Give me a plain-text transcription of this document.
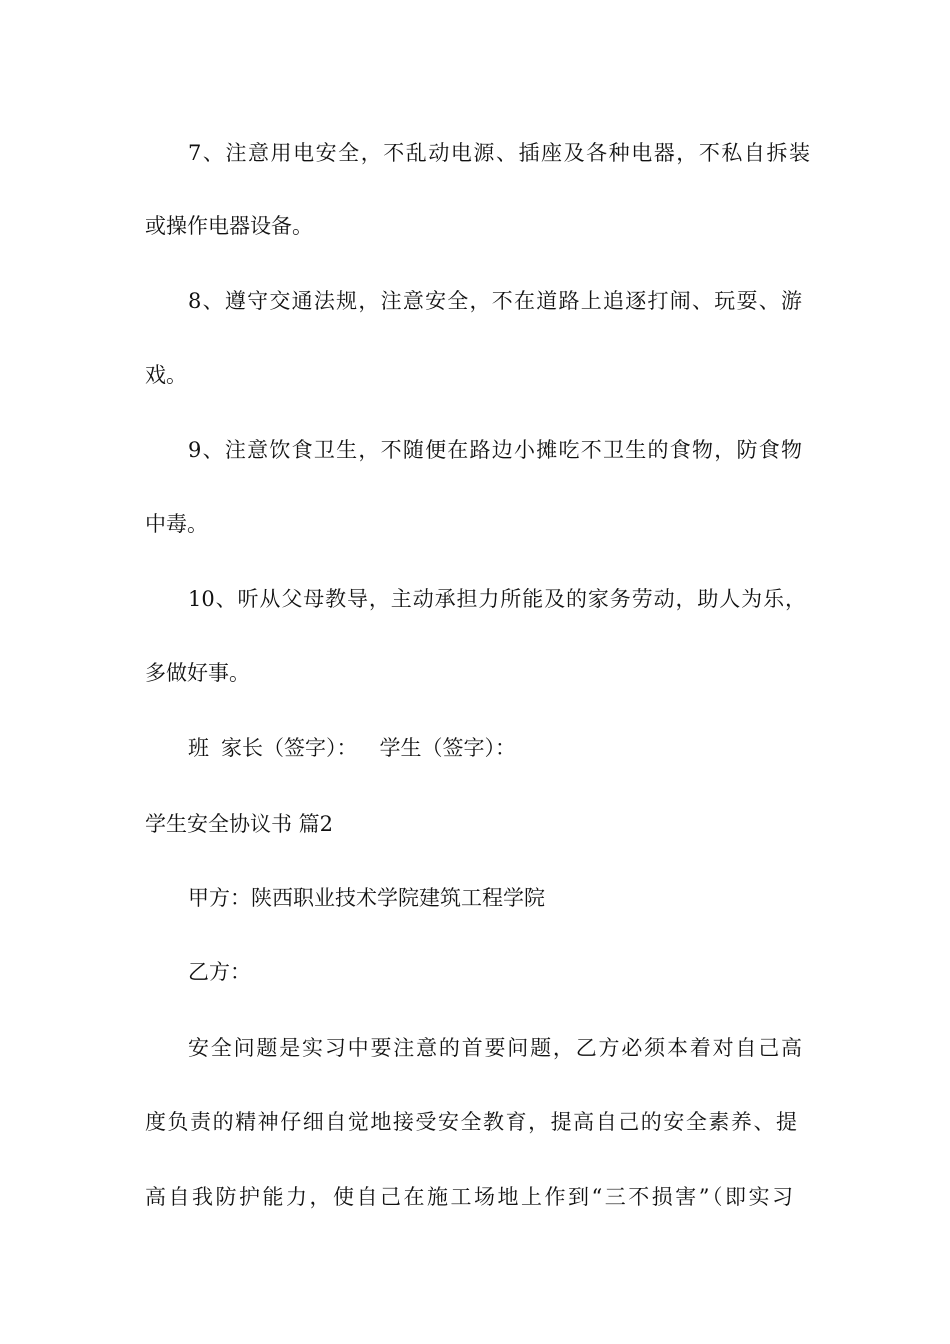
7、注意用电安全，不乱动电源、插座及各种电器，不私自拆装
或操作电器设备。
8、遵守交通法规，注意安全，不在道路上追逐打闹、玩耍、游
戏。
9、注意饮食卫生，不随便在路边小摊吃不卫生的食物，防食物
中毒。
10、听从父母教导，主动承担力所能及的家务劳动，助人为乐，
多做好事。
班 家长（签字）： 学生（签字）：
学生安全协议书 篇2
甲方：陕西职业技术学院建筑工程学院
乙方：
安全问题是实习中要注意的首要问题，乙方必须本着对自己高
度负责的精神仔细自觉地接受安全教育，提高自己的安全素养、提
高自我防护能力，使自己在施工场地上作到“三不损害”（即实习
